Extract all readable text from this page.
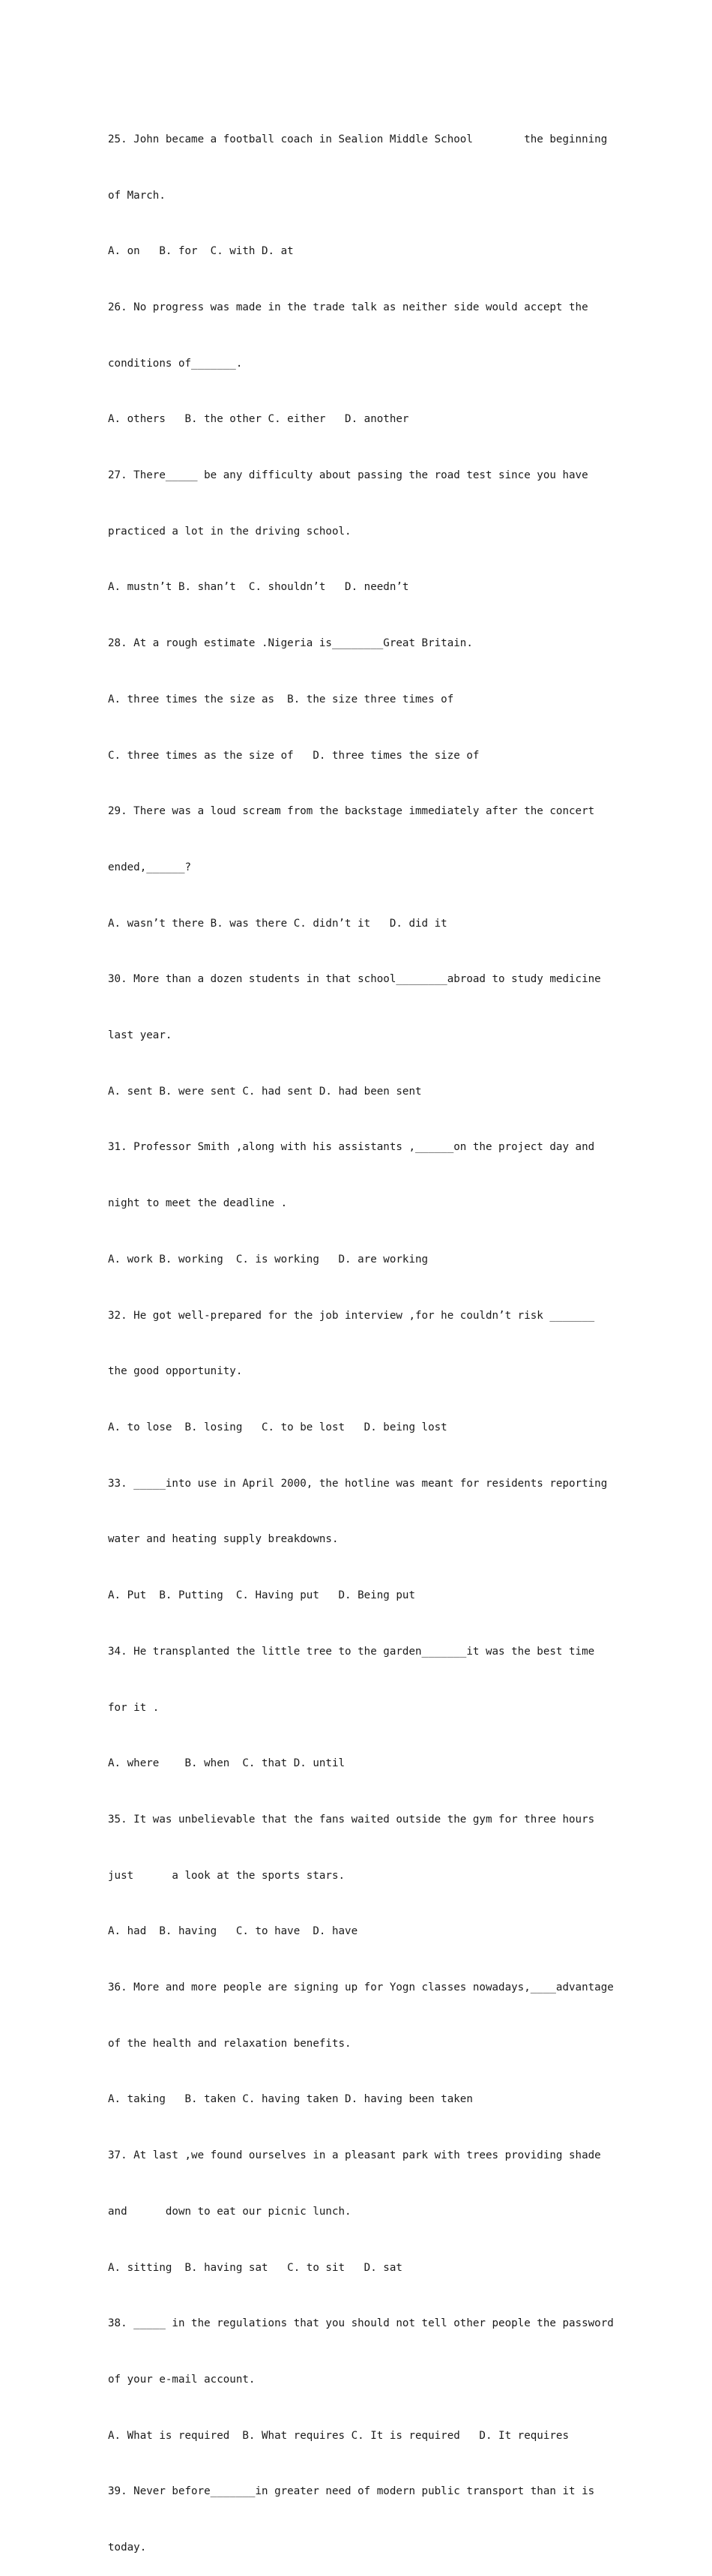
25. John became a football coach in Sealion Middle School        the beginning

of March.

A. on   B. for  C. with D. at

26. No progress was made in the trade talk as neither side would accept the

conditions of_______.

A. others   B. the other C. either   D. another

27. There_____ be any difficulty about passing the road test since you have

practiced a lot in the driving school.

A. mustn’t B. shan’t  C. shouldn’t   D. needn’t

28. At a rough estimate .Nigeria is________Great Britain.

A. three times the size as  B. the size three times of

C. three times as the size of   D. three times the size of

29. There was a loud scream from the backstage immediately after the concert

ended,______?

A. wasn’t there B. was there C. didn’t it   D. did it

30. More than a dozen students in that school________abroad to study medicine

last year.

A. sent B. were sent C. had sent D. had been sent

31. Professor Smith ,along with his assistants ,______on the project day and

night to meet the deadline .

A. work B. working  C. is working   D. are working

32. He got well-prepared for the job interview ,for he couldn’t risk _______

the good opportunity.

A. to lose  B. losing   C. to be lost   D. being lost

33. _____into use in April 2000, the hotline was meant for residents reporting

water and heating supply breakdowns.

A. Put  B. Putting  C. Having put   D. Being put

34. He transplanted the little tree to the garden_______it was the best time

for it .

A. where    B. when  C. that D. until

35. It was unbelievable that the fans waited outside the gym for three hours

just      a look at the sports stars.

A. had  B. having   C. to have  D. have

36. More and more people are signing up for Yogn classes nowadays,____advantage

of the health and relaxation benefits.

A. taking   B. taken C. having taken D. having been taken

37. At last ,we found ourselves in a pleasant park with trees providing shade

and      down to eat our picnic lunch.

A. sitting  B. having sat   C. to sit   D. sat

38. _____ in the regulations that you should not tell other people the password

of your e-mail account.

A. What is required  B. What requires C. It is required   D. It requires

39. Never before_______in greater need of modern public transport than it is

today.
